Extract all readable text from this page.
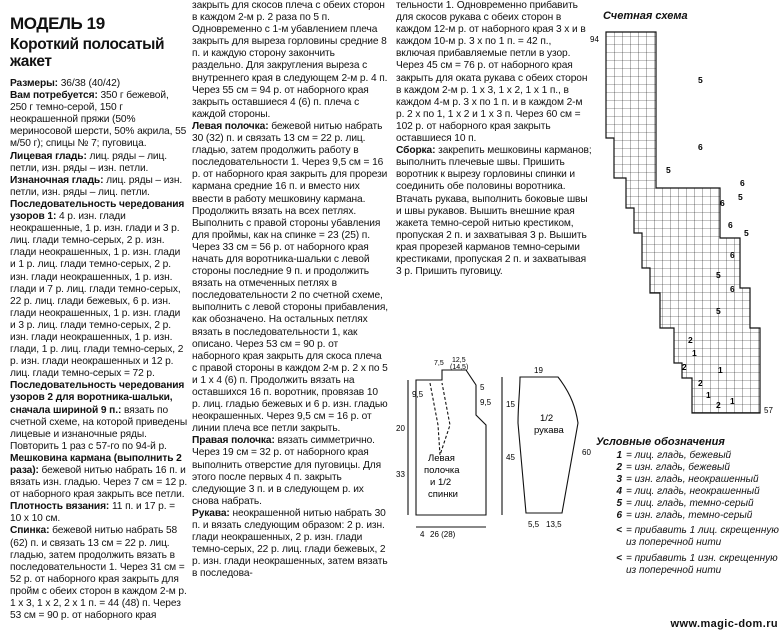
МОДЕЛЬ 19

Короткий полосатый жакет

Размеры: 36/38 (40/42)

Вам потребуется: 350 г бежевой, 250 г темно-серой, 150 г неокрашенной пряжи (50% мериносовой шерсти, 50% акрила, 55 м/50 г); спицы № 7; пуговица.

Лицевая гладь: лиц. ряды – лиц. петли, изн. ряды – изн. петли.

Изнаночная гладь: лиц. ряды – изн. петли, изн. ряды – лиц. петли.

Последовательность чередования узоров 1: 4 р. изн. глади неокрашенные, 1 р. изн. глади и 3 р. лиц. глади темно-серых, 2 р. изн. глади неокрашенных, 1 р. изн. глади и 1 р. лиц. глади темно-серых, 2 р. изн. глади неокрашенных, 1 р. изн. глади и 7 р. лиц. глади темно-серых, 22 р. лиц. глади бежевых, 6 р. изн. глади неокрашенных, 1 р. изн. глади и 3 р. лиц. глади темно-серых, 2 р. изн. глади неокрашенных, 1 р. изн. глади, 1 р. лиц. глади темно-серых, 2 р. изн. глади неокрашенных и 12 р. лиц. глади темно-серых = 72 р.

Последовательность чередования узоров 2 для воротника-шальки, сначала шириной 9 п.: вязать по счетной схеме, на которой приведены лицевые и изнаночные ряды. Повторить 1 раз с 57-го по 94-й р.

Мешковина кармана (выполнить 2 раза): бежевой нитью набрать 16 п. и вязать изн. гладью. Через 7 см = 12 р. от наборного края закрыть все петли.

Плотность вязания: 11 п. и 17 р. = 10 х 10 см.

Спинка: бежевой нитью набрать 58 (62) п. и связать 13 см = 22 р. лиц. гладью, затем продолжить вязать в последовательности 1. Через 31 см = 52 р. от наборного края закрыть для пройм с обеих сторон в каждом 2-м р. 1 х 3, 1 х 2, 2 х 1 п. = 44 (48) п. Через 53 см = 90 р. от наборного края

закрыть для скосов плеча с обеих сторон в каждом 2-м р. 2 раза по 5 п. Одновременно с 1-м убавлением плеча закрыть для выреза горловины средние 8 п. и каждую сторону закончить раздельно. Для закругления выреза с внутреннего края в следующем 2-м р. 4 п. Через 55 см = 94 р. от наборного края закрыть оставшиеся 4 (6) п. плеча с каждой стороны.

Левая полочка: бежевой нитью набрать 30 (32) п. и связать 13 см = 22 р. лиц. гладью, затем продолжить работу в последовательности 1. Через 9,5 см = 16 р. от наборного края закрыть для прорези кармана средние 16 п. и вместо них ввести в работу мешковину кармана. Продолжить вязать на всех петлях. Выполнить с правой стороны убавления для проймы, как на спинке = 23 (25) п. Через 33 см = 56 р. от наборного края начать для воротника-шальки с левой стороны последние 9 п. и продолжить вязать на отмеченных петлях в последовательности 2 по счетной схеме, выполнить с левой стороны прибавления, как обозначено. На остальных петлях вязать в последовательности 1, как описано. Через 53 см = 90 р. от наборного края закрыть для скоса плеча с правой стороны в каждом 2-м р. 2 х по 5 и 1 х 4 (6) п. Продолжить вязать на оставшихся 16 п. воротник, провязав 10 р. лиц. гладью бежевых и 6 р. изн. гладью неокрашенных. Через 9,5 см = 16 р. от линии плеча все петли закрыть.

Правая полочка: вязать симметрично. Через 19 см = 32 р. от наборного края выполнить отверстие для пуговицы. Для этого после первых 4 п. закрыть следующие 3 п. и в следующем р. их снова набрать.

Рукава: неокрашенной нитью набрать 30 п. и вязать следующим образом: 2 р. изн. глади неокрашенных, 2 р. изн. глади темно-серых, 22 р. лиц. глади бежевых, 2 р. изн. глади неокрашенных, затем вязать в последова-

тельности 1. Одновременно прибавить для скосов рукава с обеих сторон в каждом 12-м р. от наборного края 3 х и в каждом 10-м р. 3 х по 1 п. = 42 п., включая прибавляемые петли в узор. Через 45 см = 76 р. от наборного края закрыть для оката рукава с обеих сторон в каждом 2-м р. 1 х 3, 1 х 2, 1 х 1 п., в каждом 4-м р. 3 х по 1 п. и в каждом 2-м р. 2 х по 1, 1 х 2 и 1 х 3 п. Через 60 см = 102 р. от наборного края закрыть оставшиеся 10 п.

Сборка: закрепить мешковины карманов; выполнить плечевые швы. Пришить воротник к вырезу горловины спинки и соединить обе половины воротника. Втачать рукава, выполнить боковые швы и швы рукавов. Вышить внешние края жакета темно-серой нитью крестиком, пропуская 2 п. и захватывая 3 р. Вышить края прорезей карманов темно-серыми крестиками, пропуская 2 п. и захватывая 3 р. Пришить пуговицу.

9,5
7,5 12,5
(14,5)
5
9,5
20
33
26 (28)
4
Левая
полочка
и 1/2
спинки
19
15
45
60
5,5 13,5
1/2
рукава
Счетная схема
94
57
5
6
5
6
6
5
6
5
6
5
6
5
2
1
2	1
2
1
2 1
Условные обозначения
1 = лиц. гладь, бежевый
2 = изн. гладь, бежевый
3 = изн. гладь, неокрашенный
4 = лиц. гладь, неокрашенный
5 = лиц. гладь, темно-серый
6 = изн. гладь, темно-серый
< = прибавить 1 лиц. скрещенную
из поперечной нити
< = прибавить 1 изн. скрещенную
из поперечной нити
www.magic-dom.ru
